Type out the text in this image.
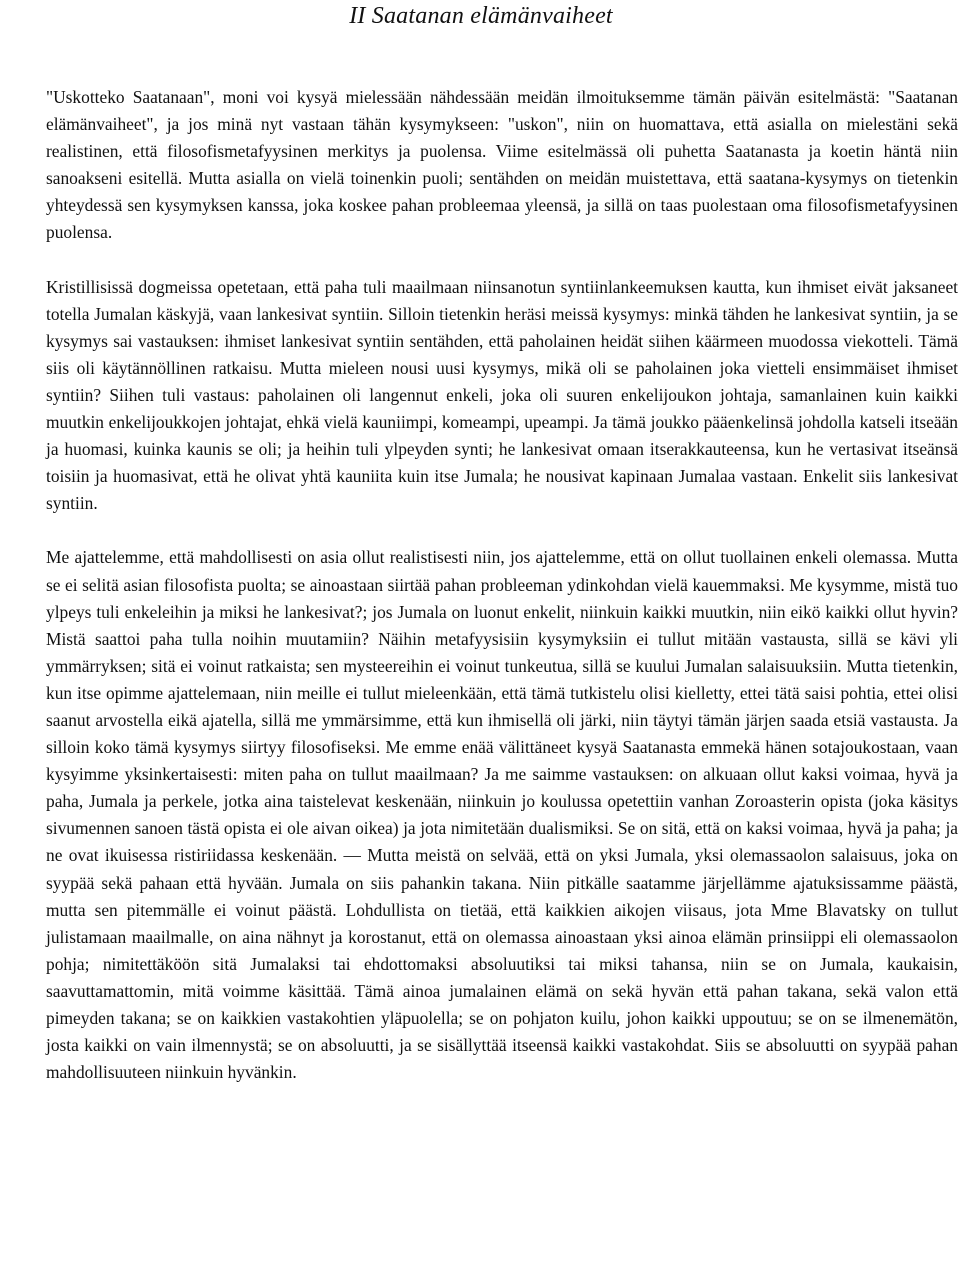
II Saatanan elämänvaiheet

"Uskotteko Saatanaan", moni voi kysyä mielessään nähdessään meidän ilmoituksemme tämän päivän esitelmästä: "Saatanan elämänvaiheet", ja jos minä nyt vastaan tähän kysymykseen: "uskon", niin on huomattava, että asialla on mielestäni sekä realistinen, että filosofismetafyysinen merkitys ja puolensa. Viime esitelmässä oli puhetta Saatanasta ja koetin häntä niin sanoakseni esitellä. Mutta asialla on vielä toinenkin puoli; sentähden on meidän muistettava, että saatana-kysymys on tietenkin yhteydessä sen kysymyksen kanssa, joka koskee pahan probleemaa yleensä, ja sillä on taas puolestaan oma filosofismetafyysinen puolensa.

Kristillisissä dogmeissa opetetaan, että paha tuli maailmaan niinsanotun syntiinlankeemuksen kautta, kun ihmiset eivät jaksaneet totella Jumalan käskyjä, vaan lankesivat syntiin. Silloin tietenkin heräsi meissä kysymys: minkä tähden he lankesivat syntiin, ja se kysymys sai vastauksen: ihmiset lankesivat syntiin sentähden, että paholainen heidät siihen käärmeen muodossa viekotteli. Tämä siis oli käytännöllinen ratkaisu. Mutta mieleen nousi uusi kysymys, mikä oli se paholainen joka vietteli ensimmäiset ihmiset syntiin? Siihen tuli vastaus: paholainen oli langennut enkeli, joka oli suuren enkelijoukon johtaja, samanlainen kuin kaikki muutkin enkelijoukkojen johtajat, ehkä vielä kauniimpi, komeampi, upeampi. Ja tämä joukko pääenkelinsä johdolla katseli itseään ja huomasi, kuinka kaunis se oli; ja heihin tuli ylpeyden synti; he lankesivat omaan itserakkauteensa, kun he vertasivat itseänsä toisiin ja huomasivat, että he olivat yhtä kauniita kuin itse Jumala; he nousivat kapinaan Jumalaa vastaan. Enkelit siis lankesivat syntiin.

Me ajattelemme, että mahdollisesti on asia ollut realistisesti niin, jos ajattelemme, että on ollut tuollainen enkeli olemassa. Mutta se ei selitä asian filosofista puolta; se ainoastaan siirtää pahan probleeman ydinkohdan vielä kauemmaksi. Me kysymme, mistä tuo ylpeys tuli enkeleihin ja miksi he lankesivat?; jos Jumala on luonut enkelit, niinkuin kaikki muutkin, niin eikö kaikki ollut hyvin? Mistä saattoi paha tulla noihin muutamiin? Näihin metafyysisiin kysymyksiin ei tullut mitään vastausta, sillä se kävi yli ymmärryksen; sitä ei voinut ratkaista; sen mysteereihin ei voinut tunkeutua, sillä se kuului Jumalan salaisuuksiin. Mutta tietenkin, kun itse opimme ajattelemaan, niin meille ei tullut mieleenkään, että tämä tutkistelu olisi kielletty, ettei tätä saisi pohtia, ettei olisi saanut arvostella eikä ajatella, sillä me ymmärsimme, että kun ihmisellä oli järki, niin täytyi tämän järjen saada etsiä vastausta. Ja silloin koko tämä kysymys siirtyy filosofiseksi. Me emme enää välittäneet kysyä Saatanasta emmekä hänen sotajoukostaan, vaan kysyimme yksinkertaisesti: miten paha on tullut maailmaan? Ja me saimme vastauksen: on alkuaan ollut kaksi voimaa, hyvä ja paha, Jumala ja perkele, jotka aina taistelevat keskenään, niinkuin jo koulussa opetettiin vanhan Zoroasterin opista (joka käsitys sivumennen sanoen tästä opista ei ole aivan oikea) ja jota nimitetään dualismiksi. Se on sitä, että on kaksi voimaa, hyvä ja paha; ja ne ovat ikuisessa ristiriidassa keskenään. — Mutta meistä on selvää, että on yksi Jumala, yksi olemassaolon salaisuus, joka on syypää sekä pahaan että hyvään. Jumala on siis pahankin takana. Niin pitkälle saatamme järjellämme ajatuksissamme päästä, mutta sen pitemmälle ei voinut päästä. Lohdullista on tietää, että kaikkien aikojen viisaus, jota Mme Blavatsky on tullut julistamaan maailmalle, on aina nähnyt ja korostanut, että on olemassa ainoastaan yksi ainoa elämän prinsiippi eli olemassaolon pohja; nimitettäköön sitä Jumalaksi tai ehdottomaksi absoluutiksi tai miksi tahansa, niin se on Jumala, kaukaisin, saavuttamattomin, mitä voimme käsittää. Tämä ainoa jumalainen elämä on sekä hyvän että pahan takana, sekä valon että pimeyden takana; se on kaikkien vastakohtien yläpuolella; se on pohjaton kuilu, johon kaikki uppoutuu; se on se ilmenemätön, josta kaikki on vain ilmennystä; se on absoluutti, ja se sisällyttää itseensä kaikki vastakohdat. Siis se absoluutti on syypää pahan mahdollisuuteen niinkuin hyvänkin.
